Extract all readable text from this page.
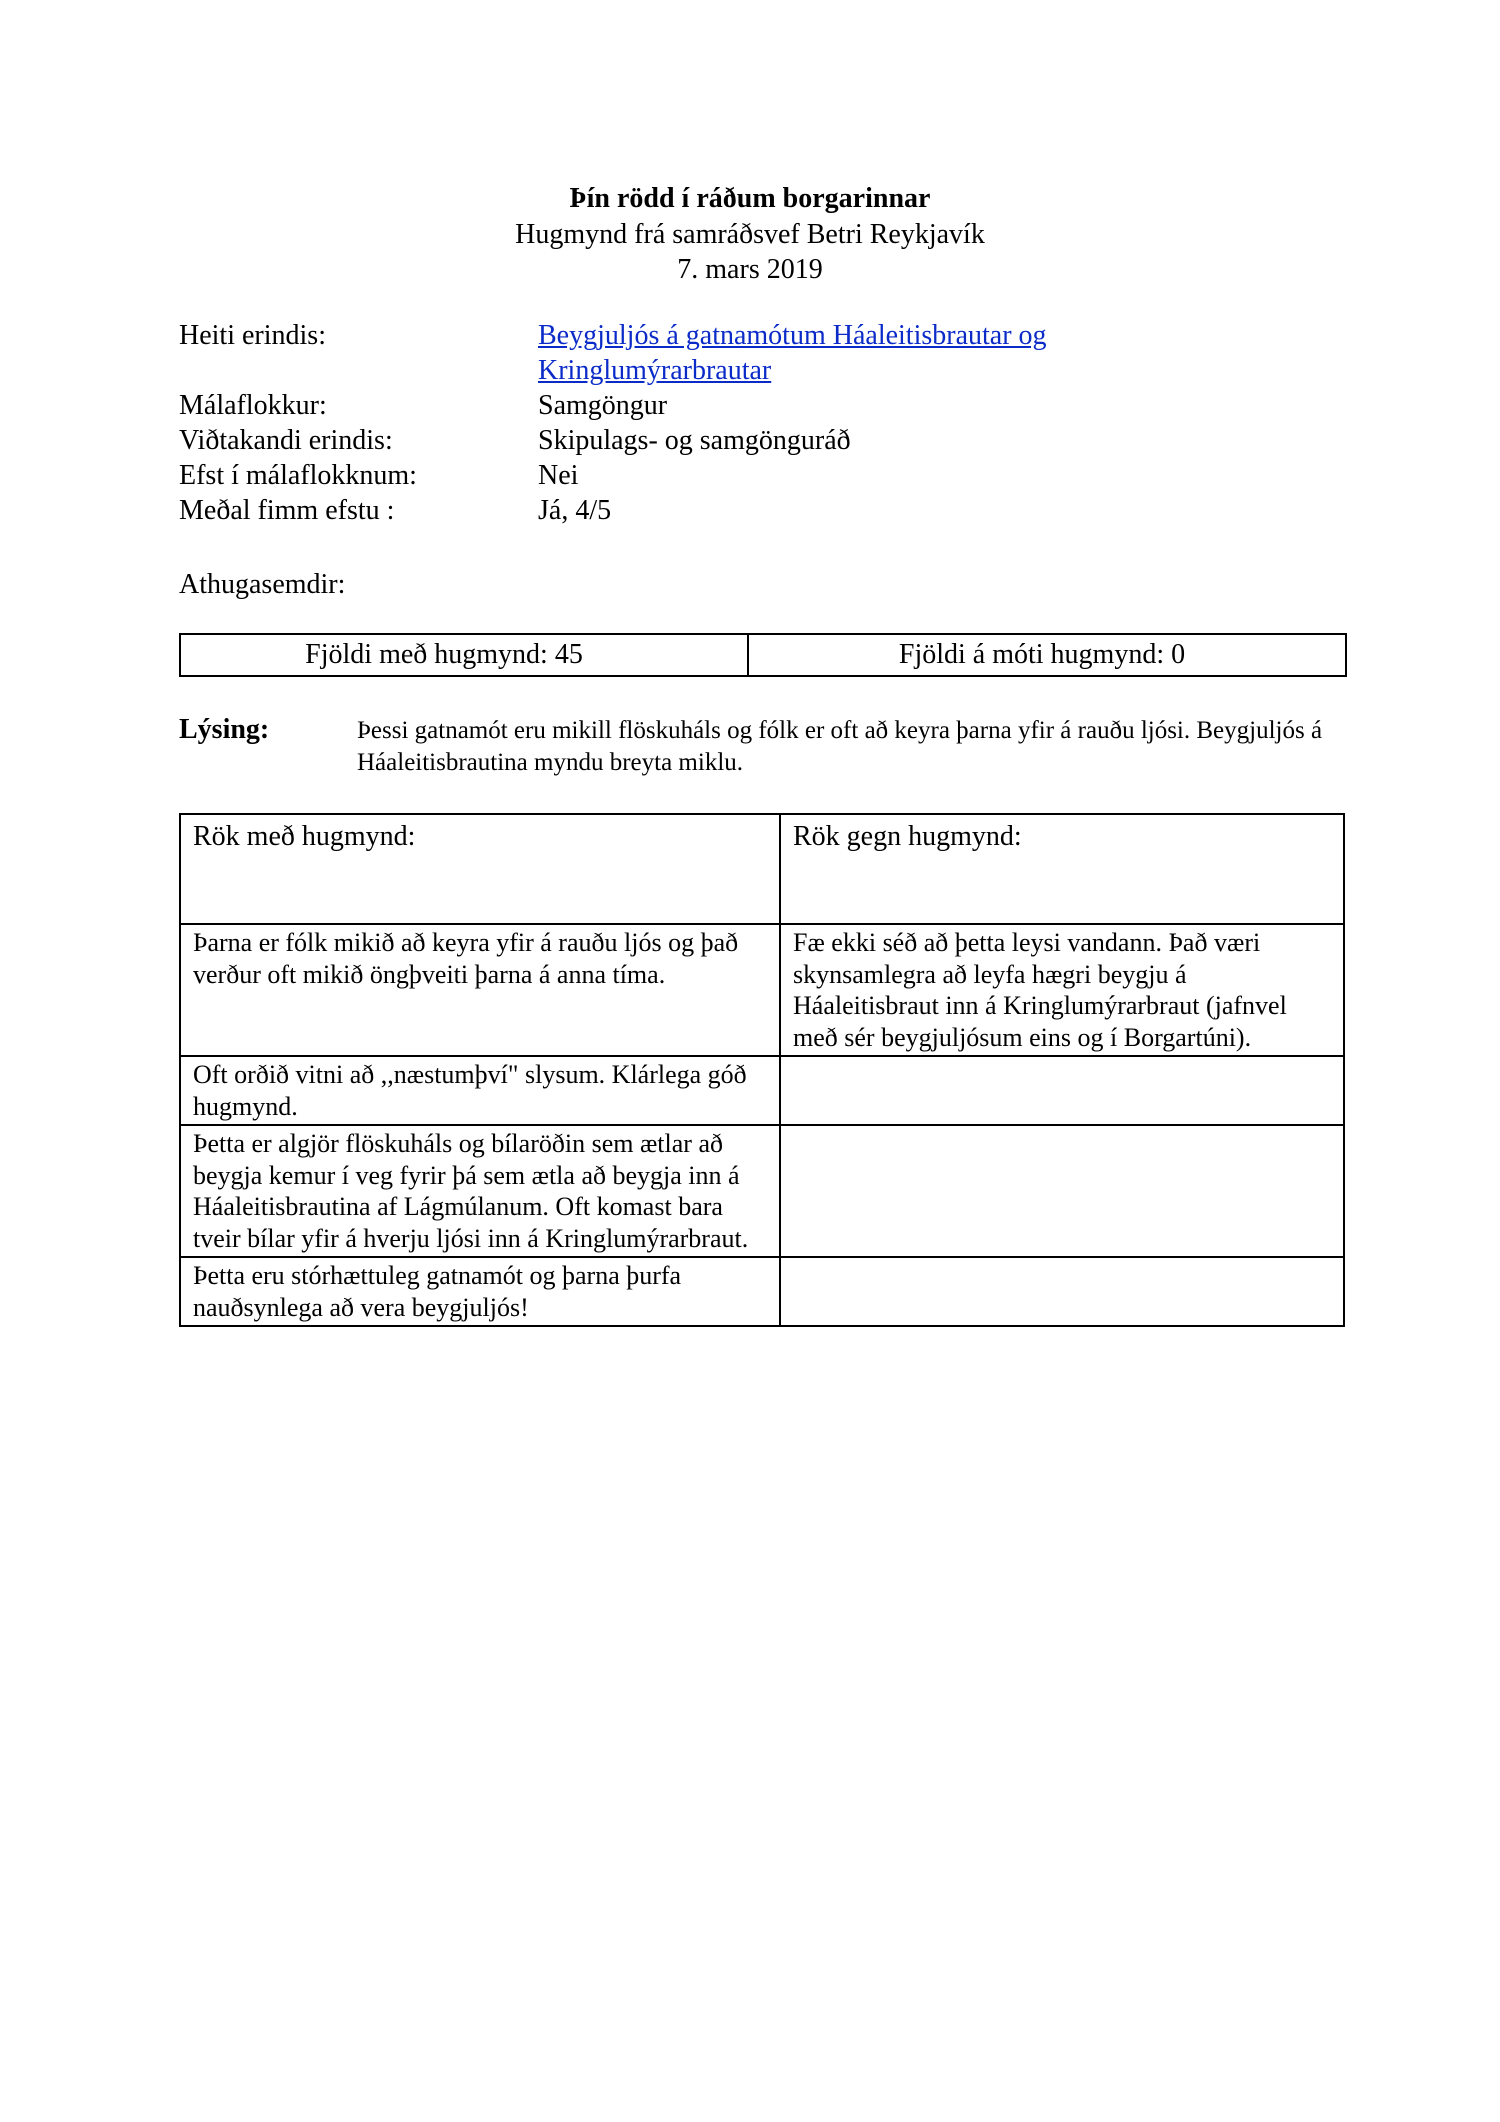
Þín rödd í ráðum borgarinnar
Hugmynd frá samráðsvef Betri Reykjavík
7. mars 2019
Heiti erindis:	Beygjuljós á gatnamótum Háaleitisbrautar og
Kringlumýrarbrautar
Málaflokkur:	Samgöngur
Viðtakandi erindis:	Skipulags- og samgönguráð
Efst í málaflokknum:	Nei
Meðal fimm efstu :	Já, 4/5
Athugasemdir:
Fjöldi með hugmynd: 45	Fjöldi á móti hugmynd: 0
Lýsing:	Þessi gatnamót eru mikill flöskuháls og fólk er oft að keyra þarna yfir á rauðu ljósi. Beygjuljós á Háaleitisbrautina myndu breyta miklu.
Rök með hugmynd:	Rök gegn hugmynd:
Þarna er fólk mikið að keyra yfir á rauðu ljós og það verður oft mikið öngþveiti þarna á anna tíma.	Fæ ekki séð að þetta leysi vandann. Það væri skynsamlegra að leyfa hægri beygju á Háaleitisbraut inn á Kringlumýrarbraut (jafnvel með sér beygjuljósum eins og í Borgartúni).
Oft orðið vitni að ,,næstumþví" slysum. Klárlega góð hugmynd.	
Þetta er algjör flöskuháls og bílaröðin sem ætlar að beygja kemur í veg fyrir þá sem ætla að beygja inn á Háaleitisbrautina af Lágmúlanum. Oft komast bara tveir bílar yfir á hverju ljósi inn á Kringlumýrarbraut.	
Þetta eru stórhættuleg gatnamót og þarna þurfa nauðsynlega að vera beygjuljós!	
